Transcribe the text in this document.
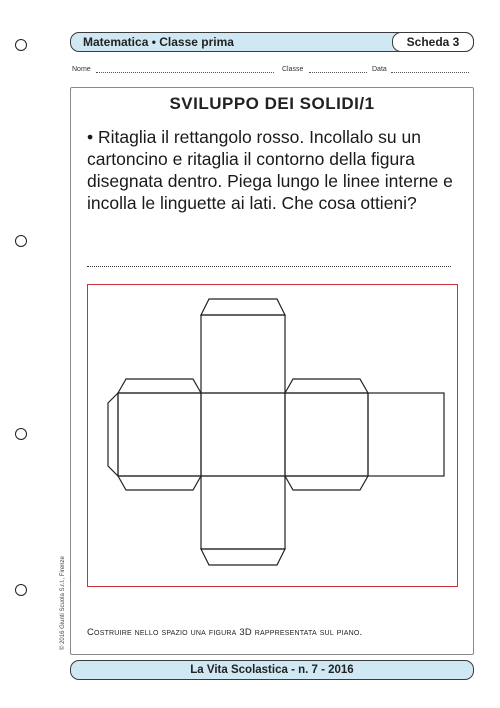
Matematica • Classe prima	Scheda 3
Nome	Classe	Data
SVILUPPO DEI SOLIDI/1
• Ritaglia il rettangolo rosso. Incollalo su un cartoncino e ritaglia il contorno della figura disegnata dentro. Piega lungo le linee interne e incolla le linguette ai lati. Che cosa ottieni?
Costruire nello spazio una figura 3D rappresentata sul piano.
© 2016 Giunti Scuola S.r.l., Firenze
La Vita Scolastica - n. 7 - 2016
